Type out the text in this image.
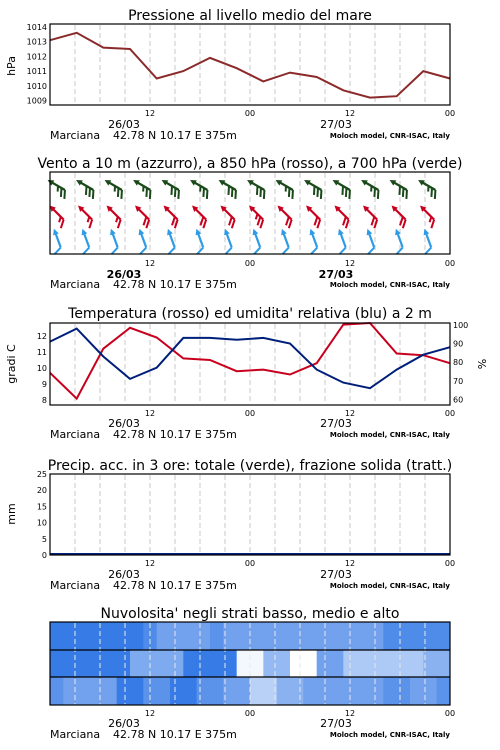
Pressione al livello medio del mare
hPa
1009
1010
1011
1012
1013
1014
12	00	12	00
26/03	27/03
Marciana 42.78 N 10.17 E 375m	Moloch model, CNR-ISAC, Italy
Vento a 10 m (azzurro), a 850 hPa (rosso), a 700 hPa (verde)
12	00	12	00
26/03	27/03
Marciana 42.78 N 10.17 E 375m	Moloch model, CNR-ISAC, Italy
Temperatura (rosso) ed umidita' relativa (blu) a 2 m
gradi C	%
8
9
10
11
12
60
70
80
90
100
12	00	12	00
26/03	27/03
Marciana 42.78 N 10.17 E 375m	Moloch model, CNR-ISAC, Italy
Precip. acc. in 3 ore: totale (verde), frazione solida (tratt.)
mm
0
5
10
15
20
25
12	00	12	00
26/03	27/03
Marciana 42.78 N 10.17 E 375m	Moloch model, CNR-ISAC, Italy
Nuvolosita' negli strati basso, medio e alto
12	00	12	00
26/03	27/03
Marciana 42.78 N 10.17 E 375m	Moloch model, CNR-ISAC, Italy
